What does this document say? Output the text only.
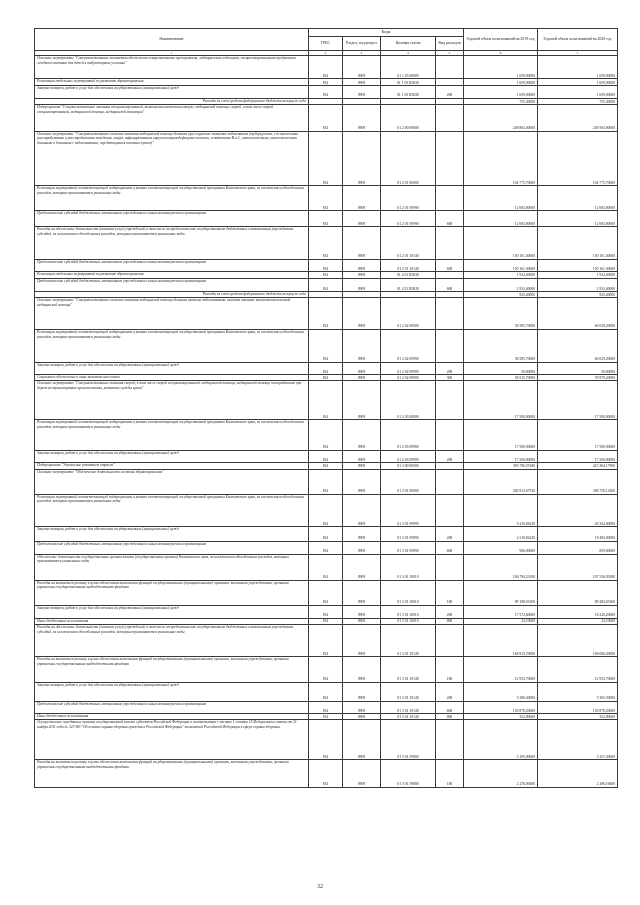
Наименование	Коды				Годовой объем ассигнований на 2019 год	Годовой объем ассигнований на 2020 год
	ГРБС	Раздел, под-раздел	Целевая статья	Вид расходов		
1	2	3	4	5	6	7
Основное мероприятие "Совершенствование механизмов обеспечения лекарственными препаратами, медицинскими изделиями, специализированными продуктами лечебного питания для детей в амбулаторных условиях"	814	0909	01 1 03 00000		1 659,00000	1 659,00000
Реализация отдельных мероприятий по развитию здравоохранения	814	0909	01 1 03 R3820		1 659,00000	1 659,00000
Закупка товаров, работ и услуг для обеспечения государственных (муниципальных) нужд	814	0909	01 1 03 R3820	200	1 659,00000	1 659,00000
Расходы за счет средств федерального бюджета текущего года					755,30000	755,30000
Подпрограмма "Совершенствование оказания специализированной, включая высокотехнологичную, медицинской помощи, скорой, в том числе скорой специализированной, медицинской помощи, медицинской эвакуации"	814	0909	01 2 00 00000		249 863,40000	249 504,90000
Основное мероприятие "Совершенствование системы оказания медицинской помощи больным при социально-значимых заболеваниях (туберкулезом, с психическими расстройствами и расстройствами поведения, лицам, инфицированным вирусом иммунодефицита человека, гепатитами В и С, онкологическими, онкологическими больными и больными с заболеваниями, передающимися половым путем)"	814	0909	01 2 01 00000		164 775,70000	164 775,70000
Реализация мероприятий соответствующей подпрограммы в рамках соответствующей государственной программы Камчатского края, за исключением обособленных расходов, которым присваиваются уникальные коды	814	0909	01 2 01 09990		12 682,00000	12 682,00000
Предоставление субсидий бюджетным, автономным учреждениям и иным некоммерческим организациям	814	0909	01 2 01 09990	600	12 682,00000	12 682,00000
Расходы на обеспечение деятельности (оказание услуг) учреждений, в том числе на предоставление государственным бюджетным и автономным учреждениям субсидий, за исключением обособленных расходов, которым присваиваются уникальные коды	814	0909	01 2 01 10140		150 161,30000	150 161,30000
Предоставление субсидий бюджетным, автономным учреждениям и иным некоммерческим организациям	814	0909	01 2 01 10140	600	150 161,30000	150 161,30000
Реализация отдельных мероприятий по развитию здравоохранения	814	0909	01 2 01 R3820		1 932,40000	1 932,40000
Предоставление субсидий бюджетным, автономным учреждениям и иным некоммерческим организациям	814	0909	01 2 01 R3820	600	1 932,40000	1 932,40000
Расходы за счет средств федерального бюджета текущего года					925,40000	925,40000
Основное мероприятие "Совершенствование системы оказания медицинской помощи больным прочими заболеваниями, включая оказание высокотехнологичной медицинской помощи"	814	0909	01 2 02 00000		58 585,70000	60 029,20000
Реализация мероприятий соответствующей подпрограммы в рамках соответствующей государственной программы Камчатского края, за исключением обособленных расходов, которым присваиваются уникальные коды	814	0909	01 2 02 09990		58 585,70000	60 029,20000
Закупка товаров, работ и услуг для обеспечения государственных (муниципальных) нужд	814	0909	01 2 02 09990	200	50,00000	50,00000
Социальное обеспечение и иные выплаты населению	814	0909	01 2 02 09990	300	58 535,70000	59 979,20000
Основное мероприятие "Совершенствование оказания скорой, в том числе скорой специализированной, медицинской помощи, медицинской помощи пострадавшим при дорожно-транспортных происшествиях, развития службы крови"	814	0909	01 2 03 00000		17 500,00000	17 500,00000
Реализация мероприятий соответствующей подпрограммы в рамках соответствующей государственной программы Камчатского края, за исключением обособленных расходов, которым присваиваются уникальные коды	814	0909	01 2 03 09990		17 500,00000	17 500,00000
Закупка товаров, работ и услуг для обеспечения государственных (муниципальных) нужд	814	0909	01 2 03 09990	200	17 500,00000	17 500,00000
Подпрограмма "Управление развитием отрасли"	814	0909	01 3 00 00000		395 796,55180	415 304,17900
Основное мероприятие "Обеспечение деятельности системы здравоохранения"	814	0909	01 3 01 00000		282 913,67530	300 758,13200
Реализация мероприятий соответствующей подпрограммы в рамках соответствующей государственной программы Камчатского края, за исключением обособленных расходов, которым присваиваются уникальные коды	814	0909	01 3 01 09990		3 416,84230	20 342,00000
Закупка товаров, работ и услуг для обеспечения государственных (муниципальных) нужд	814	0909	01 3 01 09990	200	2 510,84230	19 483,00000
Предоставление субсидий бюджетным, автономным учреждениям и иным некоммерческим организациям	814	0909	01 3 01 09990	600	906,00000	859,00000
Обеспечение деятельности государственных органов власти (государственных органов) Камчатского края, за исключением обособленных расходов, которым присваиваются уникальные коды	814	0909	01 3 01 10010		106 794,23100	107 526,93300
Расходы на выплаты персоналу в целях обеспечения выполнения функций государственными (муниципальными) органами, казенными учреждениями, органами управления государственными внебюджетными фондами	814	0909	01 3 01 10010	100	89 198,53100	89 283,63300
Закупка товаров, работ и услуг для обеспечения государственных (муниципальных) нужд	814	0909	01 3 01 10010	200	17 572,60000	18 220,20000
Иные бюджетные ассигнования	814	0909	01 3 01 10010	800	23,10000	23,10000
Расходы на обеспечение деятельности (оказание услуг) учреждений, в том числе на предоставление государственным бюджетным и автономным учреждениям субсидий, за исключением обособленных расходов, которым присваиваются уникальные коды	814	0909	01 3 01 10140		168 913,70000	169 006,20000
Расходы на выплаты персоналу в целях обеспечения выполнения функций государственными (муниципальными) органами, казенными учреждениями, органами управления государственными внебюджетными фондами	814	0909	01 3 01 10140	100	12 933,70000	12 933,70000
Закупка товаров, работ и услуг для обеспечения государственных (муниципальных) нужд	814	0909	01 3 01 10140	200	5 280,40000	5 365,50000
Предоставление субсидий бюджетным, автономным учреждениям и иным некоммерческим организациям	814	0909	01 3 01 10140	600	150 870,20000	150 870,20000
Иные бюджетные ассигнования	814	0909	01 3 01 10140	800	252,80000	252,80000
Осуществление переданных органам государственной власти субъектов Российской Федерации в соответствии с частью 1 статьи 15 Федерального закона от 21 ноября 2011 года № 323-ФЗ "Об основах охраны здоровья граждан в Российской Федерации" полномочий Российской Федерации в сфере охраны здоровья	814	0909	01 3 01 59800		3 195,00000	3 251,30000
Расходы на выплаты персоналу в целях обеспечения выполнения функций государственными (муниципальными) органами, казенными учреждениями, органами управления государственными внебюджетными фондами	814	0909	01 3 01 59800	100	2 276,09480	2 296,16600
32
